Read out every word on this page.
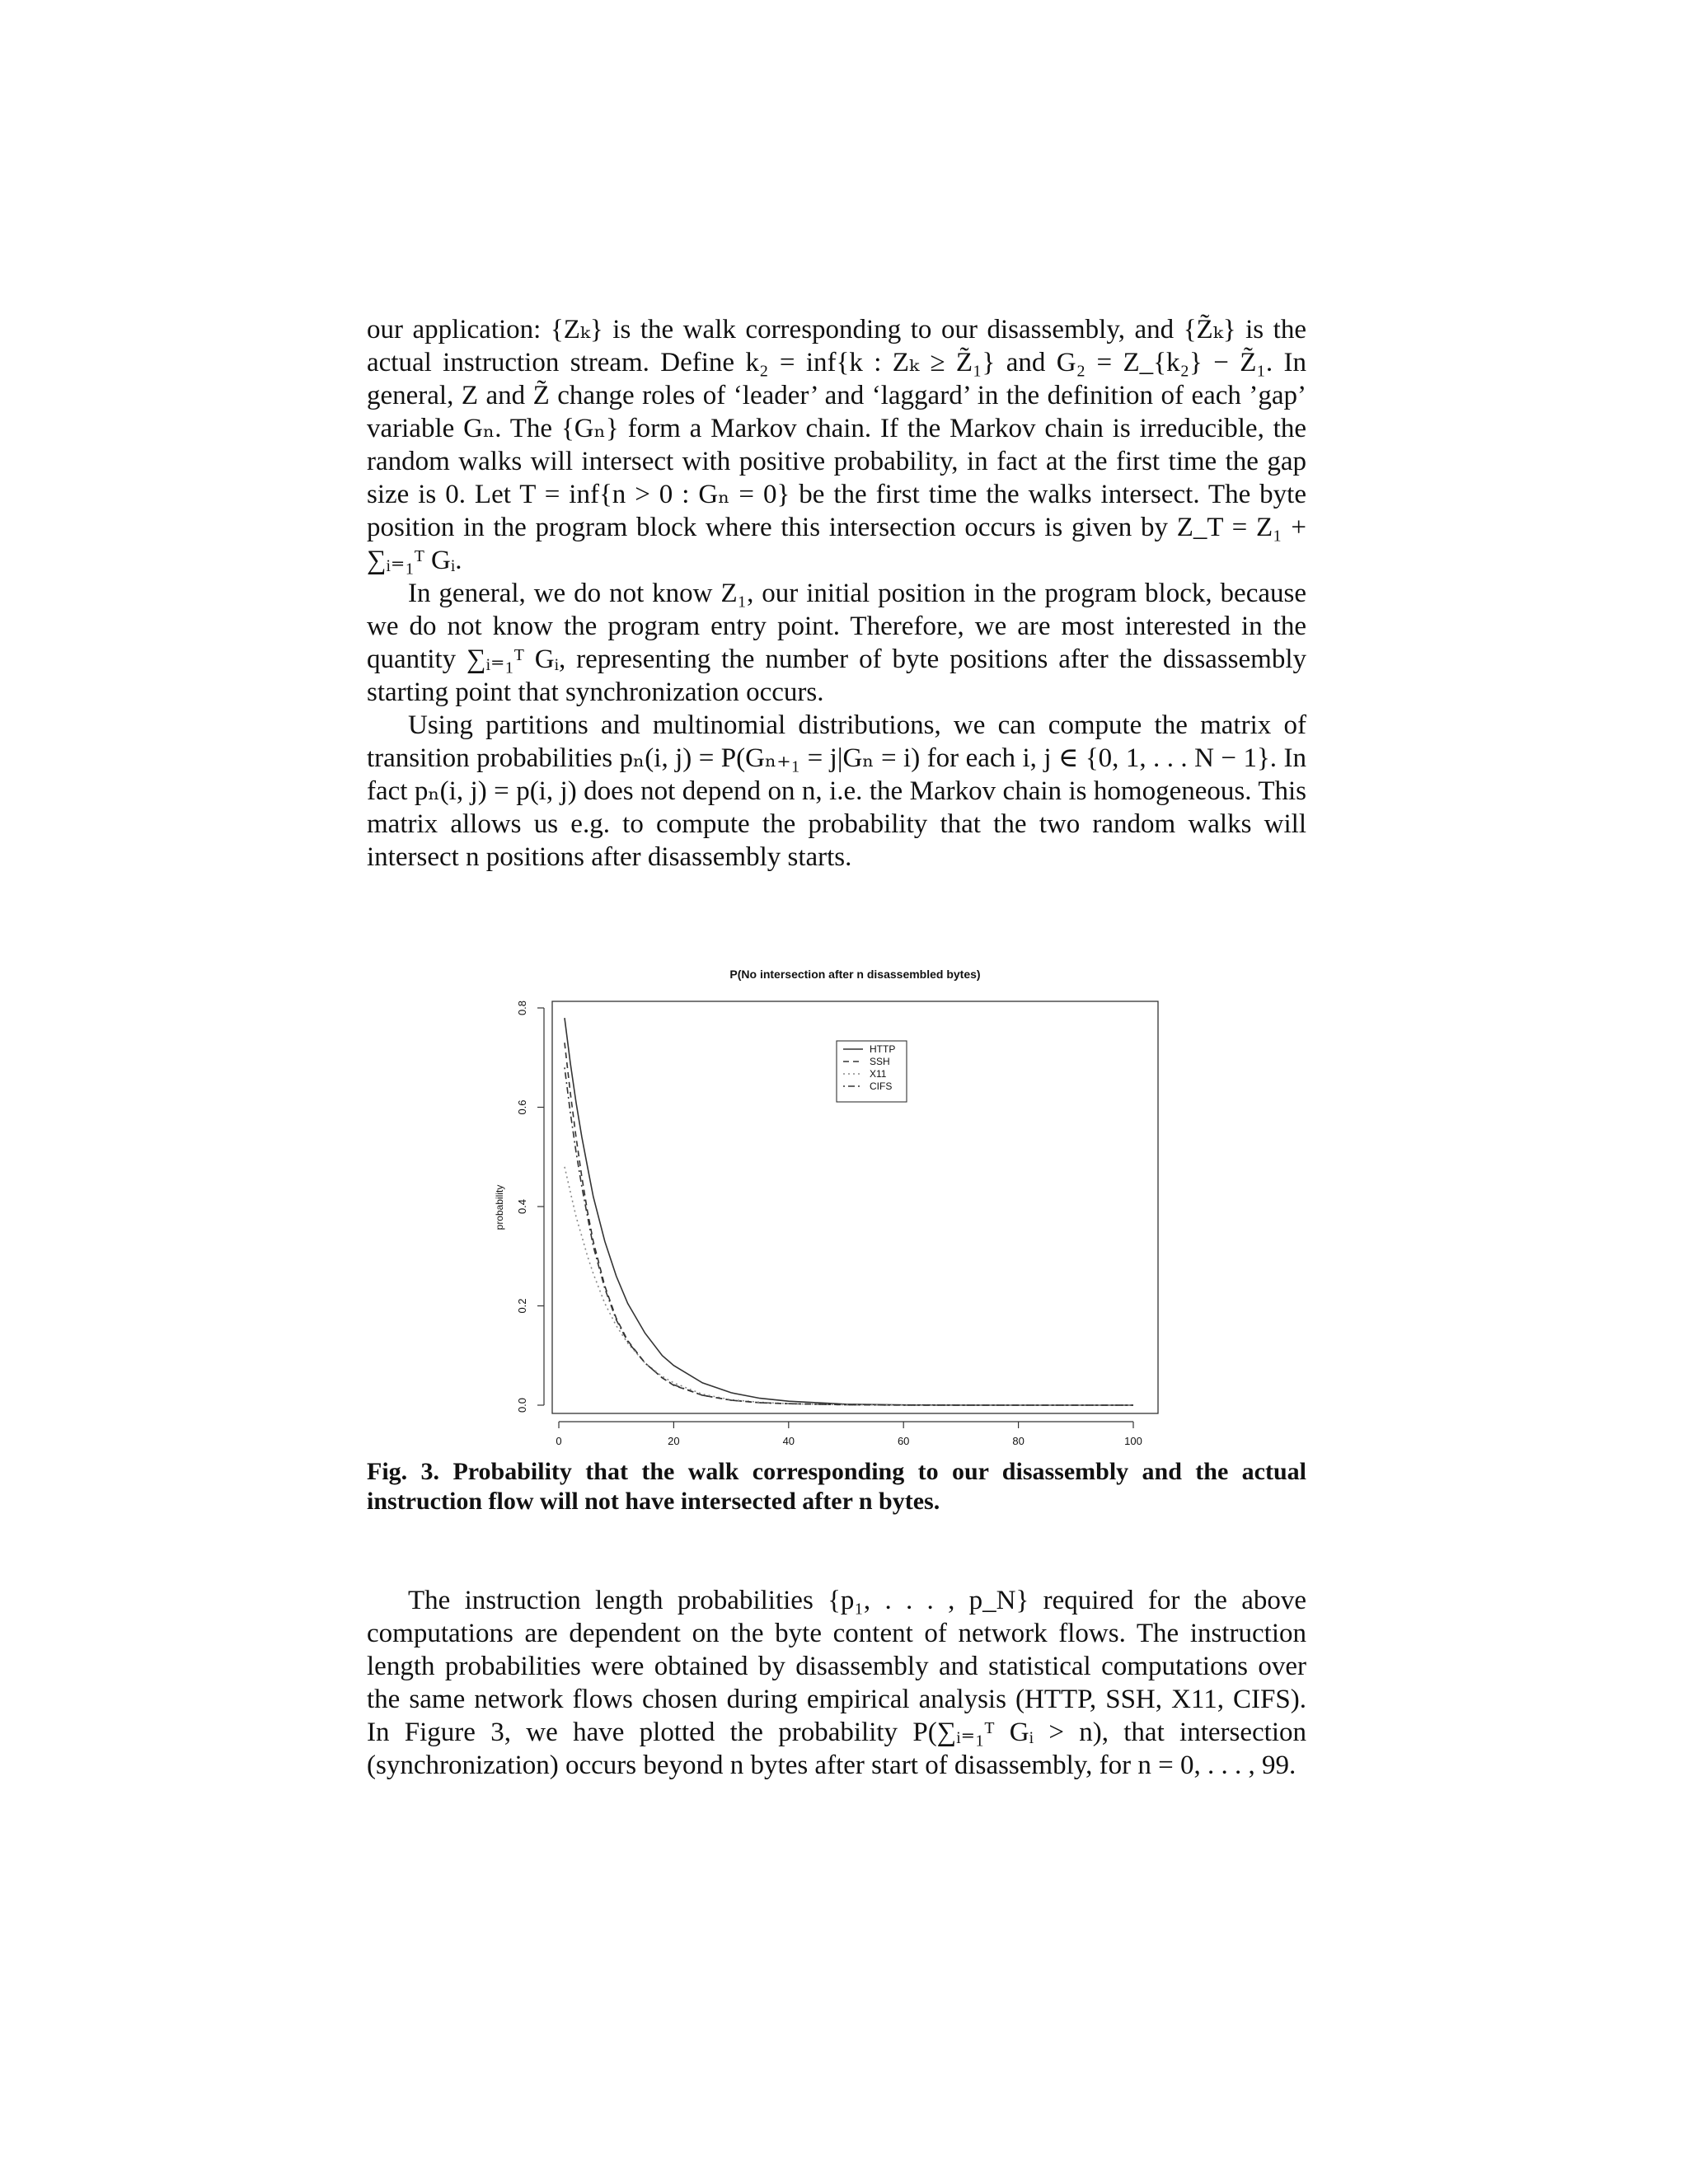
our application: {Zₖ} is the walk corresponding to our disassembly, and {Z̃ₖ} is the actual instruction stream. Define k₂ = inf{k : Zₖ ≥ Z̃₁} and G₂ = Z_{k₂} − Z̃₁. In general, Z and Z̃ change roles of ‘leader’ and ‘laggard’ in the definition of each ’gap’ variable Gₙ. The {Gₙ} form a Markov chain. If the Markov chain is irreducible, the random walks will intersect with positive probability, in fact at the first time the gap size is 0. Let T = inf{n > 0 : Gₙ = 0} be the first time the walks intersect. The byte position in the program block where this intersection occurs is given by Z_T = Z₁ + ∑ᵢ₌₁ᵀ Gᵢ.

In general, we do not know Z₁, our initial position in the program block, because we do not know the program entry point. Therefore, we are most interested in the quantity ∑ᵢ₌₁ᵀ Gᵢ, representing the number of byte positions after the dissassembly starting point that synchronization occurs.

Using partitions and multinomial distributions, we can compute the matrix of transition probabilities pₙ(i, j) = P(Gₙ₊₁ = j|Gₙ = i) for each i, j ∈ {0, 1, . . . N − 1}. In fact pₙ(i, j) = p(i, j) does not depend on n, i.e. the Markov chain is homogeneous. This matrix allows us e.g. to compute the probability that the two random walks will intersect n positions after disassembly starts.

P(No intersection after n disassembled bytes)
0	20	40	60	80	100
0.0
0.2
0.4
0.6
0.8
probability
HTTP
SSH
X11
CIFS
Fig. 3. Probability that the walk corresponding to our disassembly and the actual instruction flow will not have intersected after n bytes.

The instruction length probabilities {p₁, . . . , p_N} required for the above computations are dependent on the byte content of network flows. The instruction length probabilities were obtained by disassembly and statistical computations over the same network flows chosen during empirical analysis (HTTP, SSH, X11, CIFS). In Figure 3, we have plotted the probability P(∑ᵢ₌₁ᵀ Gᵢ > n), that intersection (synchronization) occurs beyond n bytes after start of disassembly, for n = 0, . . . , 99.
